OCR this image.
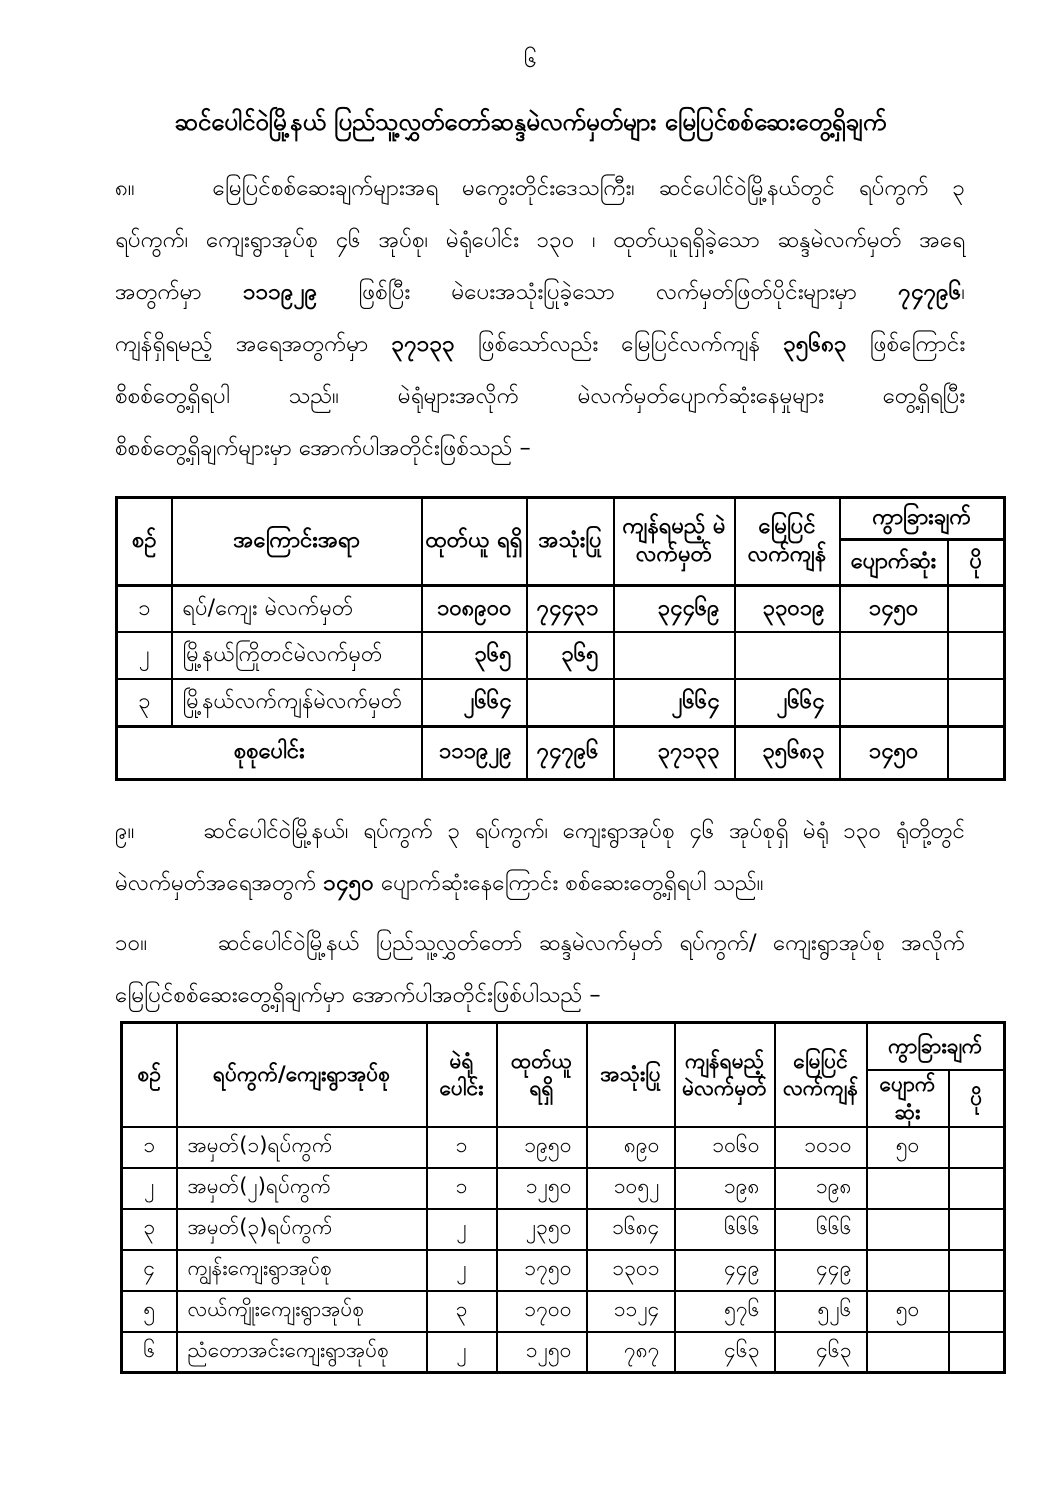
၆
ဆင်ပေါင်ဝဲမြို့နယ် ပြည်သူ့လွှတ်တော်ဆန္ဒမဲလက်မှတ်များ မြေပြင်စစ်ဆေးတွေ့ရှိချက်
၈။	မြေပြင်စစ်ဆေးချက်များအရ မကွေးတိုင်းဒေသကြီး၊ ဆင်ပေါင်ဝဲမြို့နယ်တွင် ရပ်ကွက် ၃
ရပ်ကွက်၊ ကျေးရွာအုပ်စု ၄၆ အုပ်စု၊ မဲရုံပေါင်း ၁၃၀ ၊ ထုတ်ယူရရှိခဲ့သော ဆန္ဒမဲလက်မှတ် အရေ
အတွက်မှာ ၁၁၁၉၂၉ ဖြစ်ပြီး မဲပေးအသုံးပြုခဲ့သော လက်မှတ်ဖြတ်ပိုင်းများမှာ ၇၄၇၉၆၊
ကျန်ရှိရမည့် အရေအတွက်မှာ ၃၇၁၃၃ ဖြစ်သော်လည်း မြေပြင်လက်ကျန် ၃၅၆၈၃ ဖြစ်ကြောင်း
စိစစ်တွေ့ရှိရပါ သည်။ မဲရုံများအလိုက် မဲလက်မှတ်ပျောက်ဆုံးနေမှုများ တွေ့ရှိရပြီး
စိစစ်တွေ့ရှိချက်များမှာ အောက်ပါအတိုင်းဖြစ်သည် –
စဉ်	အကြောင်းအရာ	ထုတ်ယူ ရရှိ	အသုံးပြု	ကျန်ရမည့် မဲလက်မှတ်	မြေပြင် လက်ကျန်	ကွာခြားချက်	
						ပျောက်ဆုံး	ပို
၁	ရပ်/ကျေး မဲလက်မှတ်	၁၀၈၉၀၀	၇၄၄၃၁	၃၄၄၆၉	၃၃၀၁၉	၁၄၅၀	
၂	မြို့နယ်ကြိုတင်မဲလက်မှတ်	၃၆၅	၃၆၅				
၃	မြို့နယ်လက်ကျန်မဲလက်မှတ်	၂၆၆၄		၂၆၆၄	၂၆၆၄		
စုစုပေါင်း		၁၁၁၉၂၉	၇၄၇၉၆	၃၇၁၃၃	၃၅၆၈၃	၁၄၅၀	
၉။	ဆင်ပေါင်ဝဲမြို့နယ်၊ ရပ်ကွက် ၃ ရပ်ကွက်၊ ကျေးရွာအုပ်စု ၄၆ အုပ်စုရှိ မဲရုံ ၁၃၀ ရုံတို့တွင်
မဲလက်မှတ်အရေအတွက် ၁၄၅၀ ပျောက်ဆုံးနေကြောင်း စစ်ဆေးတွေ့ရှိရပါ သည်။
၁၀။	ဆင်ပေါင်ဝဲမြို့နယ် ပြည်သူ့လွှတ်တော် ဆန္ဒမဲလက်မှတ် ရပ်ကွက်/ ကျေးရွာအုပ်စု အလိုက်
မြေပြင်စစ်ဆေးတွေ့ရှိချက်မှာ အောက်ပါအတိုင်းဖြစ်ပါသည် –
စဉ်	ရပ်ကွက်/ကျေးရွာအုပ်စု	မဲရုံ ပေါင်း	ထုတ်ယူ ရရှိ	အသုံးပြု	ကျန်ရမည့် မဲလက်မှတ်	မြေပြင် လက်ကျန်	ကွာခြားချက်	
							ပျောက် ဆုံး	ပို
၁	အမှတ်(၁)ရပ်ကွက်	၁	၁၉၅၀	၈၉၀	၁၀၆၀	၁၀၁၀	၅၀	
၂	အမှတ်(၂)ရပ်ကွက်	၁	၁၂၅၀	၁၀၅၂	၁၉၈	၁၉၈		
၃	အမှတ်(၃)ရပ်ကွက်	၂	၂၃၅၀	၁၆၈၄	၆၆၆	၆၆၆		
၄	ကျွန်းကျေးရွာအုပ်စု	၂	၁၇၅၀	၁၃၀၁	၄၄၉	၄၄၉		
၅	လယ်ကျိုးကျေးရွာအုပ်စု	၃	၁၇၀၀	၁၁၂၄	၅၇၆	၅၂၆	၅၀	
၆	ညံတောအင်းကျေးရွာအုပ်စု	၂	၁၂၅၀	၇၈၇	၄၆၃	၄၆၃		
